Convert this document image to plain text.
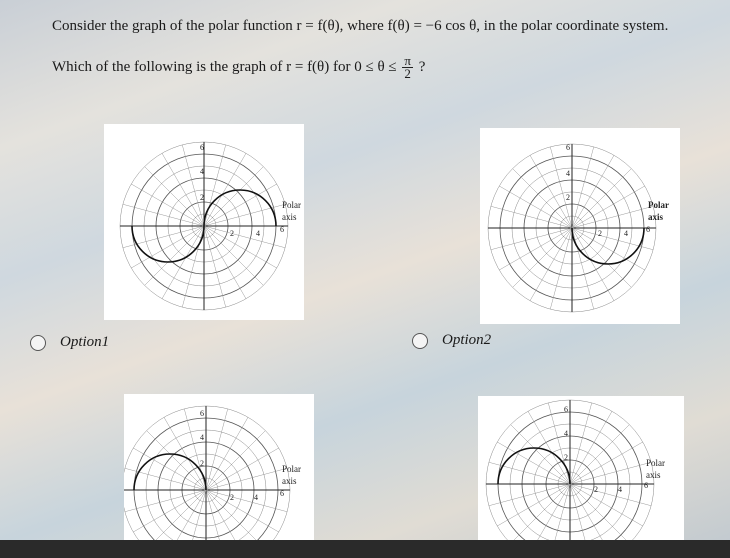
Consider the graph of the polar function r = f(θ), where f(θ) = −6 cos θ, in the polar coordinate system.
Which of the following is the graph of r = f(θ) for $0 \le \theta \le \frac{\pi}{2}$ ?
6
4
2
2	4	6
Polar
axis
6
4
2
2	4 6
Polar
axis
Option1	Option2
6
4
2
2	4	6
Polar
axis
6
4
2
2	4	6
Polar
axis
